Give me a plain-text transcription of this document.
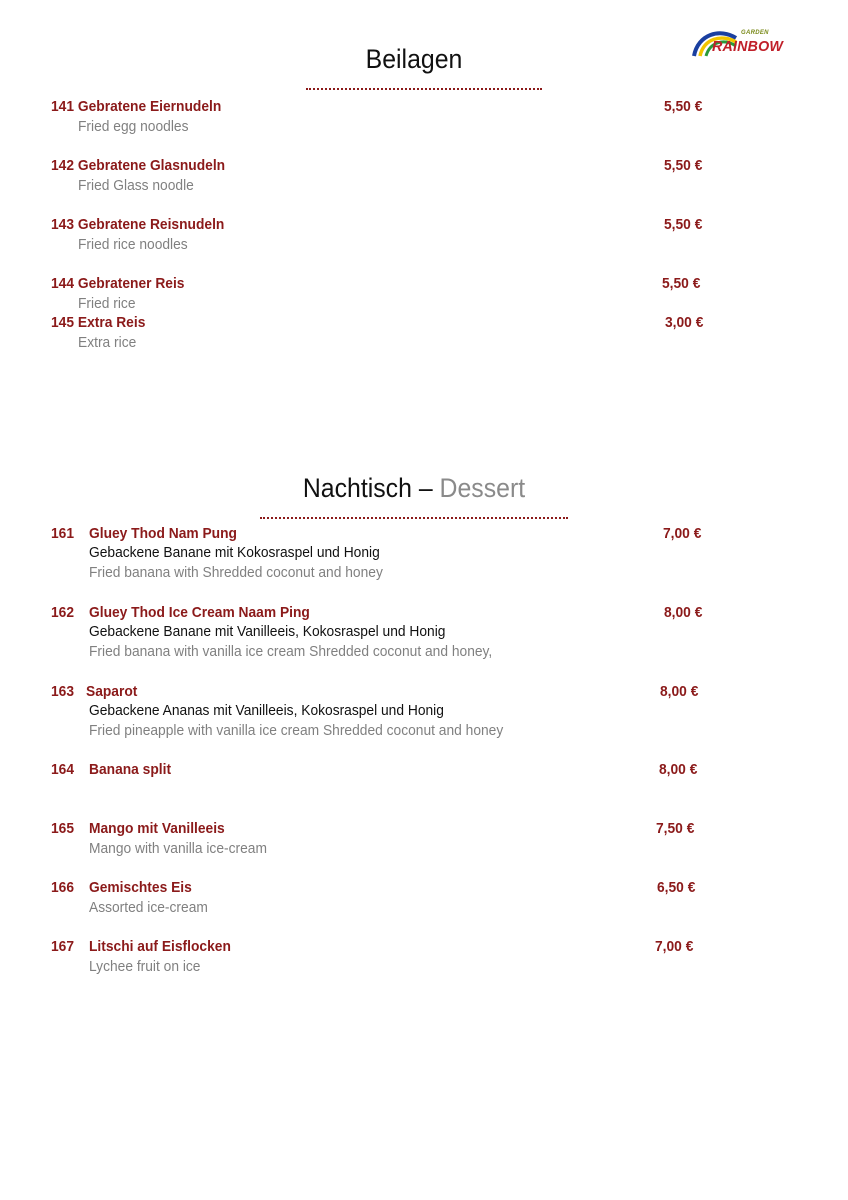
GARDEN
RAINBOW
Beilagen
141 Gebratene Eiernudeln
Fried egg noodles
5,50 €
142 Gebratene Glasnudeln
Fried Glass noodle
5,50 €
143 Gebratene Reisnudeln
Fried rice noodles
5,50 €
144 Gebratener Reis
Fried rice
5,50 €
145 Extra Reis
Extra rice
3,00 €
Nachtisch – Dessert
161 Gluey Thod Nam Pung
Gebackene Banane mit Kokosraspel und Honig
Fried banana with Shredded coconut and honey
7,00 €
162 Gluey Thod Ice Cream Naam Ping
Gebackene Banane mit Vanilleeis, Kokosraspel und Honig
Fried banana with vanilla ice cream Shredded coconut and honey,
8,00 €
163 Saparot
Gebackene Ananas mit Vanilleeis, Kokosraspel und Honig
Fried pineapple with vanilla ice cream Shredded coconut and honey
8,00 €
164 Banana split	8,00 €
165 Mango mit Vanilleeis
Mango with vanilla ice-cream
7,50 €
166 Gemischtes Eis
Assorted ice-cream
6,50 €
167 Litschi auf Eisflocken
Lychee fruit on ice
7,00 €
